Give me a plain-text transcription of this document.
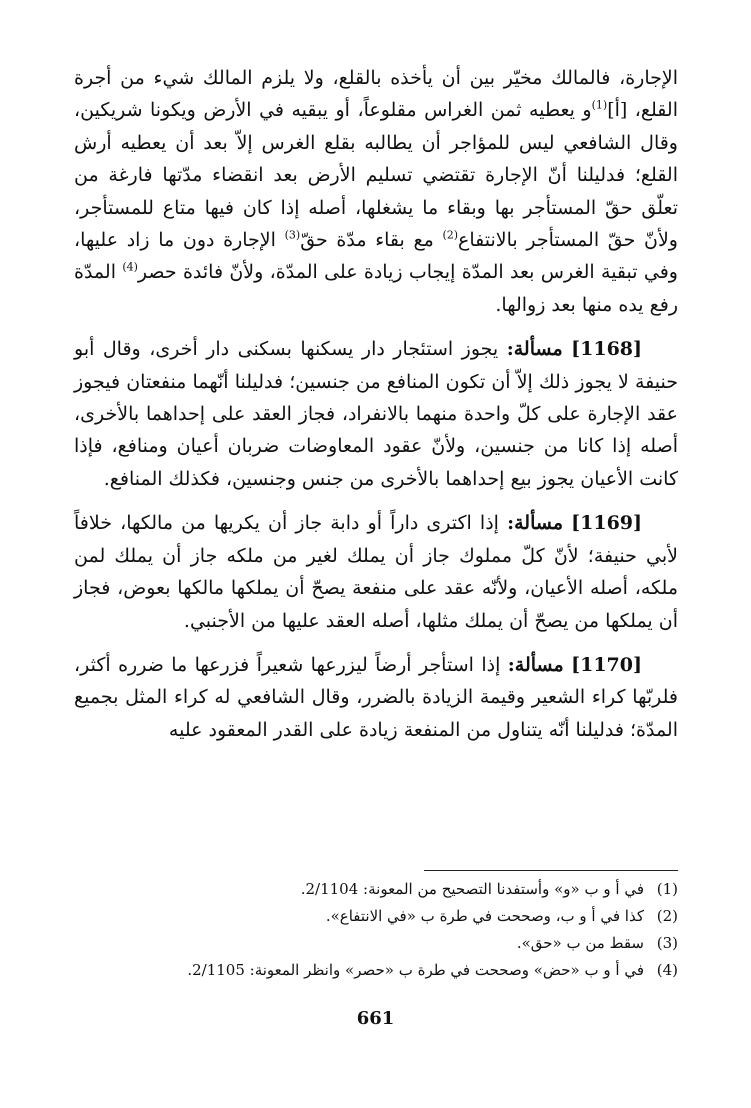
الإجارة، فالمالك مخيّر بين أن يأخذه بالقلع، ولا يلزم المالك شيء من أجرة القلع، [أ]$^{(1)}$و يعطيه ثمن الغراس مقلوعاً، أو يبقيه في الأرض ويكونا شريكين، وقال الشافعي ليس للمؤاجر أن يطالبه بقلع الغرس إلاّ بعد أن يعطيه أرش القلع؛ فدليلنا أنّ الإجارة تقتضي تسليم الأرض بعد انقضاء مدّتها فارغة من تعلّق حقّ المستأجر بها وبقاء ما يشغلها، أصله إذا كان فيها متاع للمستأجر، ولأنّ حقّ المستأجر بالانتفاع$^{(2)}$ مع بقاء مدّة حقّ$^{(3)}$ الإجارة دون ما زاد عليها، وفي تبقية الغرس بعد المدّة إيجاب زيادة على المدّة، ولأنّ فائدة حصر$^{(4)}$ المدّة رفع يده منها بعد زوالها.

[1168] مسألة: يجوز استئجار دار يسكنها بسكنى دار أخرى، وقال أبو حنيفة لا يجوز ذلك إلاّ أن تكون المنافع من جنسين؛ فدليلنا أنّهما منفعتان فيجوز عقد الإجارة على كلّ واحدة منهما بالانفراد، فجاز العقد على إحداهما بالأخرى، أصله إذا كانا من جنسين، ولأنّ عقود المعاوضات ضربان أعيان ومنافع، فإذا كانت الأعيان يجوز بيع إحداهما بالأخرى من جنس وجنسين، فكذلك المنافع.

[1169] مسألة: إذا اكترى داراً أو دابة جاز أن يكريها من مالكها، خلافاً لأبي حنيفة؛ لأنّ كلّ مملوك جاز أن يملك لغير من ملكه جاز أن يملك لمن ملكه، أصله الأعيان، ولأنّه عقد على منفعة يصحّ أن يملكها مالكها بعوض، فجاز أن يملكها من يصحّ أن يملك مثلها، أصله العقد عليها من الأجنبي.

[1170] مسألة: إذا استأجر أرضاً ليزرعها شعيراً فزرعها ما ضرره أكثر، فلربّها كراء الشعير وقيمة الزيادة بالضرر، وقال الشافعي له كراء المثل بجميع المدّة؛ فدليلنا أنّه يتناول من المنفعة زيادة على القدر المعقود عليه

(1)في أ و ب «و» وأستفدنا التصحيح من المعونة: 2/1104.
(2)كذا في أ و ب، وصححت في طرة ب «في الانتفاع».
(3)سقط من ب «حق».
(4)في أ و ب «حض» وصححت في طرة ب «حصر» وانظر المعونة: 2/1105.
661
